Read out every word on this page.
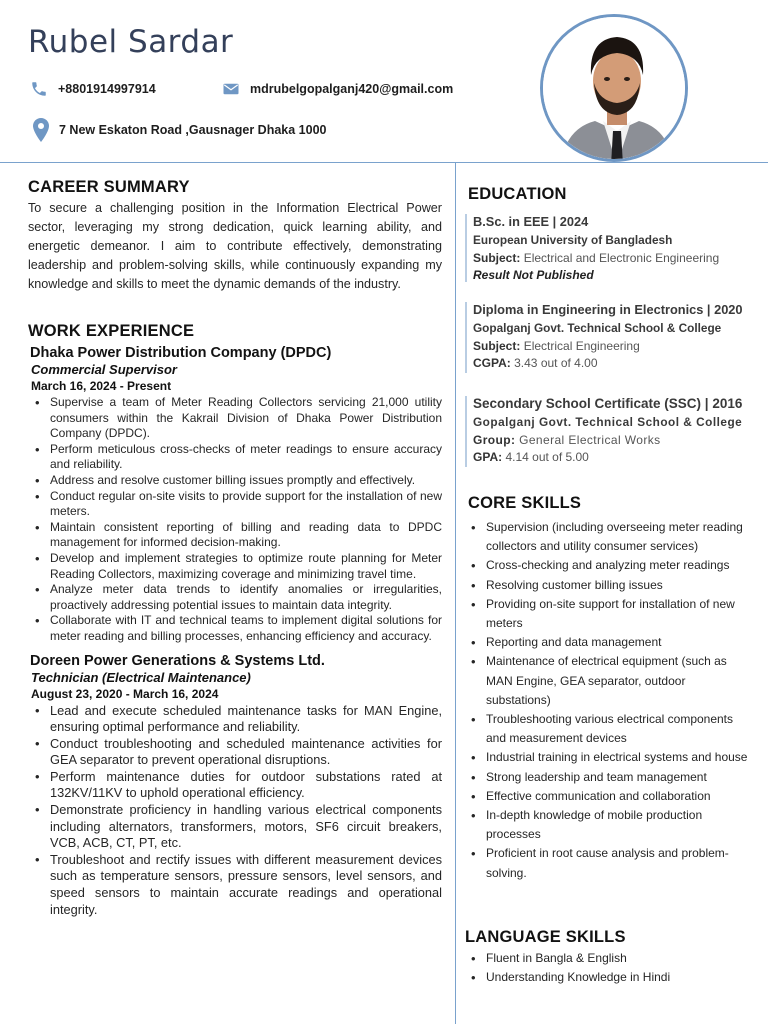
Rubel Sardar
+8801914997914	mdrubelgopalganj420@gmail.com
7 New Eskaton Road ,Gausnager Dhaka 1000
CAREER SUMMARY

To secure a challenging position in the Information Electrical Power sector, leveraging my strong dedication, quick learning ability, and energetic demeanor. I aim to contribute effectively, demonstrating leadership and problem-solving skills, while continuously expanding my knowledge and skills to meet the dynamic demands of the industry.

WORK EXPERIENCE
Dhaka Power Distribution Company (DPDC)
Commercial Supervisor
March 16, 2024 - Present
• Supervise a team of Meter Reading Collectors servicing 21,000 utility consumers within the Kakrail Division of Dhaka Power Distribution Company (DPDC).
• Perform meticulous cross-checks of meter readings to ensure accuracy and reliability.
• Address and resolve customer billing issues promptly and effectively.
• Conduct regular on-site visits to provide support for the installation of new meters.
• Maintain consistent reporting of billing and reading data to DPDC management for informed decision-making.
• Develop and implement strategies to optimize route planning for Meter Reading Collectors, maximizing coverage and minimizing travel time.
• Analyze meter data trends to identify anomalies or irregularities, proactively addressing potential issues to maintain data integrity.
• Collaborate with IT and technical teams to implement digital solutions for meter reading and billing processes, enhancing efficiency and accuracy.
Doreen Power Generations & Systems Ltd.
Technician (Electrical Maintenance)
August 23, 2020 - March 16, 2024
• Lead and execute scheduled maintenance tasks for MAN Engine, ensuring optimal performance and reliability.
• Conduct troubleshooting and scheduled maintenance activities for GEA separator to prevent operational disruptions.
• Perform maintenance duties for outdoor substations rated at 132KV/11KV to uphold operational efficiency.
• Demonstrate proficiency in handling various electrical components including alternators, transformers, motors, SF6 circuit breakers, VCB, ACB, CT, PT, etc.
• Troubleshoot and rectify issues with different measurement devices such as temperature sensors, pressure sensors, level sensors, and speed sensors to maintain accurate readings and operational integrity.
EDUCATION
B.Sc. in EEE | 2024
European University of Bangladesh
Subject: Electrical and Electronic Engineering
Result Not Published
Diploma in Engineering in Electronics | 2020
Gopalganj Govt. Technical School & College
Subject: Electrical Engineering
CGPA: 3.43 out of 4.00
Secondary School Certificate (SSC) | 2016
Gopalganj Govt. Technical School & College
Group: General Electrical Works
GPA: 4.14 out of 5.00
CORE SKILLS
• Supervision (including overseeing meter reading collectors and utility consumer services)
• Cross-checking and analyzing meter readings
• Resolving customer billing issues
• Providing on-site support for installation of new meters
• Reporting and data management
• Maintenance of electrical equipment (such as MAN Engine, GEA separator, outdoor substations)
• Troubleshooting various electrical components and measurement devices
• Industrial training in electrical systems and house
• Strong leadership and team management
• Effective communication and collaboration
• In-depth knowledge of mobile production processes
• Proficient in root cause analysis and problem-solving.
LANGUAGE SKILLS
• Fluent in Bangla & English
• Understanding Knowledge in Hindi
